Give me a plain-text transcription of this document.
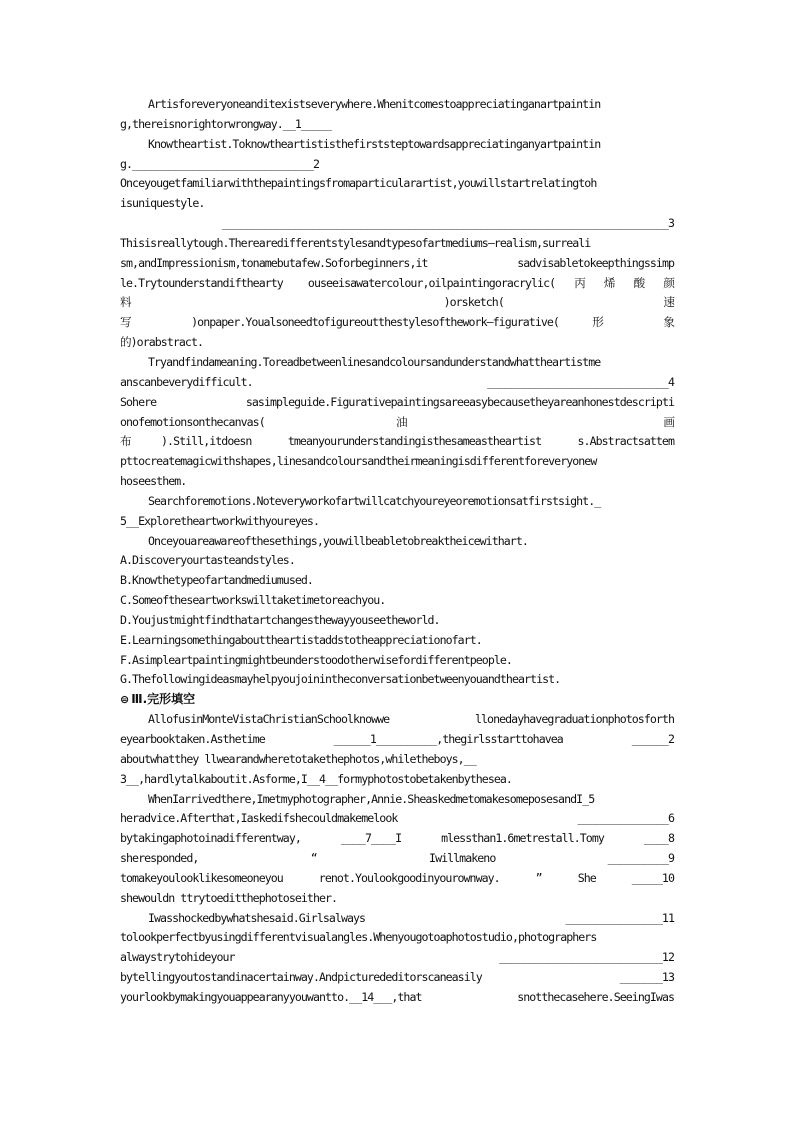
Artisforeveryoneanditexistseverywhere.Whenitcomestoappreciatinganartpaintin
g,thereisnorightorwrongway.__1_____
Knowtheartist.Toknowtheartististhefirststeptowardsappreciatinganyartpaintin
g.______________________________2
Onceyougetfamiliarwiththepaintingsfromaparticularartist,youwillstartrelatingtoh
isuniquestyle.
__________________________________________________________________________3
Thisisreallytough.Therearedifferentstylesandtypesofartmediums—realism,surreali
sm,andImpressionism,tonamebutafew.Soforbeginners,it sadvisabletokeepthingssimp
le.Trytounderstandifthearty ouseeisawatercolour,oilpaintingoracrylic(丙烯酸颜
料 )orsketch( 速
写 )onpaper.Youalsoneedtofigureoutthestylesofthework—figurative( 形 象
的)orabstract.
Tryandfindameaning.Toreadbetweenlinesandcoloursandunderstandwhattheartistme
anscanbeverydifficult. ______________________________4
Sohere sasimpleguide.Figurativepaintingsareeasybecausetheyareanhonestdescripti
onofemotionsonthecanvas( 油 画
布).Still,itdoesn tmeanyourunderstandingisthesameastheartist s.Abstractsattem
pttocreatemagicwithshapes,linesandcoloursandtheirmeaningisdifferentforeveryonew
hoseesthem.
Searchforemotions.Noteveryworkofartwillcatchyoureyeoremotionsatfirstsight._
5__Exploretheartworkwithyoureyes.
Onceyouareawareofthesethings,youwillbeabletobreaktheicewithart.
A.Discoveryourtasteandstyles.
B.Knowthetypeofartandmediumused.
C.Someoftheseartworkswilltaketimetoreachyou.
D.Youjustmightfindthatartchangesthewayyouseetheworld.
E.Learningsomethingabouttheartistaddstotheappreciationofart.
F.Asimpleartpaintingmightbeunderstoodotherwisefordifferentpeople.
G.Thefollowingideasmayhelpyoujoinintheconversationbetweenyouandtheartist.
⊜ Ⅲ.完形填空
AllofusinMonteVistaChristianSchoolknowwe llonedayhavegraduationphotosforth
eyearbooktaken.Asthetime ______1__________,thegirlsstarttohavea ______2
aboutwhatthey llwearandwheretotakethephotos,whiletheboys,__
3__,hardlytalkaboutit.Asforme,I__4__formyphotostobetakenbythesea.
WhenIarrivedthere,Imetmyphotographer,Annie.SheaskedmetomakesomeposesandI_5
heradvice.Afterthat,Iaskedifshecouldmakemelook _______________6
bytakingaphotoinadifferentway, ____7____I mlessthan1.6metrestall.Tomy ____8
sheresponded, “ Iwillmakeno __________9
tomakeyoulooklikesomeoneyou renot.Youlookgoodinyourownway. ” She _____10
shewouldn ttrytoeditthephotoseither.
Iwasshockedbywhatshesaid.Girlsalways ________________11
tolookperfectbyusingdifferentvisualangles.Whenyougotoaphotostudio,photographers
alwaystrytohideyour ___________________________12
bytellingyoutostandinacertainway.Andpicturededitorscaneasily _______13
yourlookbymakingyouappearanyyouwantto.__14___,that snotthecasehere.SeeingIwas
